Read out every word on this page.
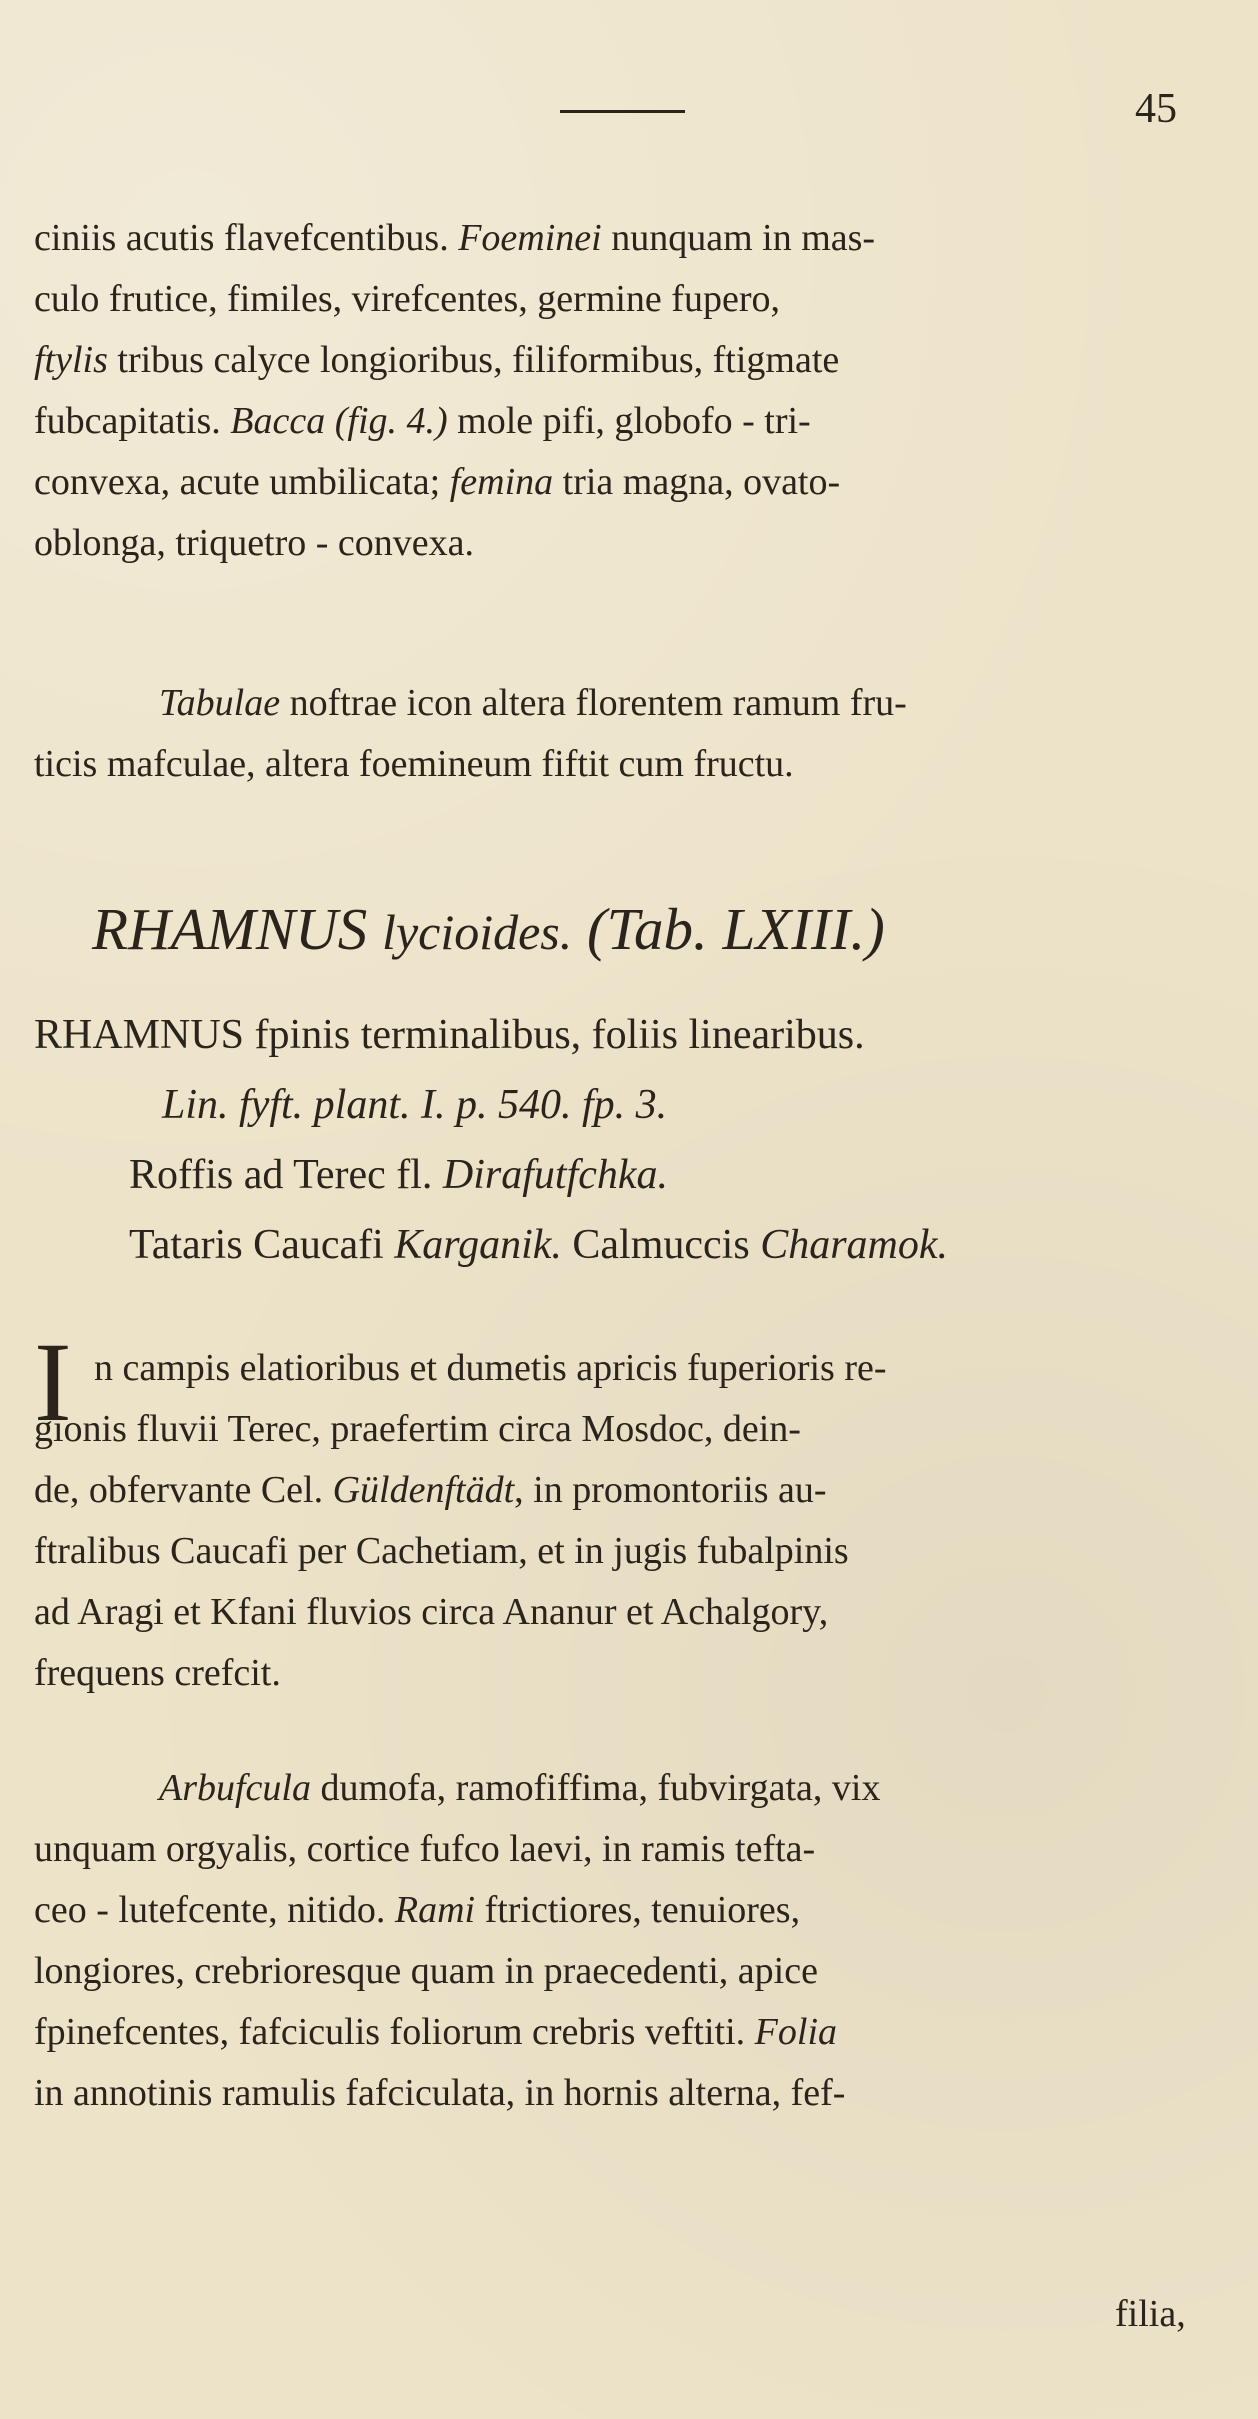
45
ciniis acutis flavefcentibus. Foeminei nunquam in mas-
culo frutice, fimiles, virefcentes, germine fupero,
ftylis tribus calyce longioribus, filiformibus, ftigmate
fubcapitatis. Bacca (fig. 4.) mole pifi, globofo - tri-
convexa, acute umbilicata; femina tria magna, ovato-
oblonga, triquetro - convexa.
Tabulae noftrae icon altera florentem ramum fru-
ticis mafculae, altera foemineum fiftit cum fructu.
RHAMNUS lycioides. (Tab. LXIII.)
RHAMNUS fpinis terminalibus, foliis linearibus.
Lin. fyft. plant. I. p. 540. fp. 3.
Roffis ad Terec fl. Dirafutfchka.
Tataris Caucafi Karganik. Calmuccis Charamok.
I n campis elatioribus et dumetis apricis fuperioris re-
gionis fluvii Terec, praefertim circa Mosdoc, dein-
de, obfervante Cel. Güldenftädt, in promontoriis au-
ftralibus Caucafi per Cachetiam, et in jugis fubalpinis
ad Aragi et Kfani fluvios circa Ananur et Achalgory,
frequens crefcit.
Arbufcula dumofa, ramofiffima, fubvirgata, vix
unquam orgyalis, cortice fufco laevi, in ramis tefta-
ceo - lutefcente, nitido. Rami ftrictiores, tenuiores,
longiores, crebrioresque quam in praecedenti, apice
fpinefcentes, fafciculis foliorum crebris veftiti. Folia
in annotinis ramulis fafciculata, in hornis alterna, fef-
filia,
